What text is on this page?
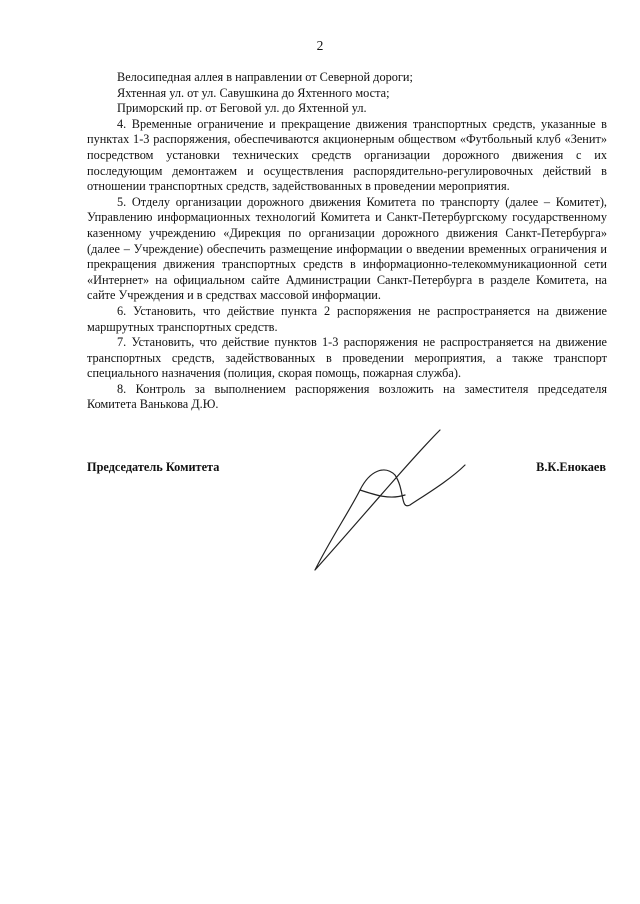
2

Велосипедная аллея в направлении от Северной дороги;

Яхтенная ул. от ул. Савушкина до Яхтенного моста;

Приморский пр. от Беговой ул. до Яхтенной ул.

4. Временные ограничение и прекращение движения транспортных средств, указанные в пунктах 1-3 распоряжения, обеспечиваются акционерным обществом «Футбольный клуб «Зенит» посредством установки технических средств организации дорожного движения с их последующим демонтажем и осуществления распорядительно-регулировочных действий в отношении транспортных средств, задействованных в проведении мероприятия.

5. Отделу организации дорожного движения Комитета по транспорту (далее – Комитет), Управлению информационных технологий Комитета и Санкт-Петербургскому государственному казенному учреждению «Дирекция по организации дорожного движения Санкт-Петербурга» (далее – Учреждение) обеспечить размещение информации о введении временных ограничения и прекращения движения транспортных средств в информационно-телекоммуникационной сети «Интернет» на официальном сайте Администрации Санкт-Петербурга в разделе Комитета, на сайте Учреждения и в средствах массовой информации.

6. Установить, что действие пункта 2 распоряжения не распространяется на движение маршрутных транспортных средств.

7. Установить, что действие пунктов 1-3 распоряжения не распространяется на движение транспортных средств, задействованных в проведении мероприятия, а также транспорт специального назначения (полиция, скорая помощь, пожарная служба).

8. Контроль за выполнением распоряжения возложить на заместителя председателя Комитета Ванькова Д.Ю.

Председатель Комитета	В.К.Енокаев
